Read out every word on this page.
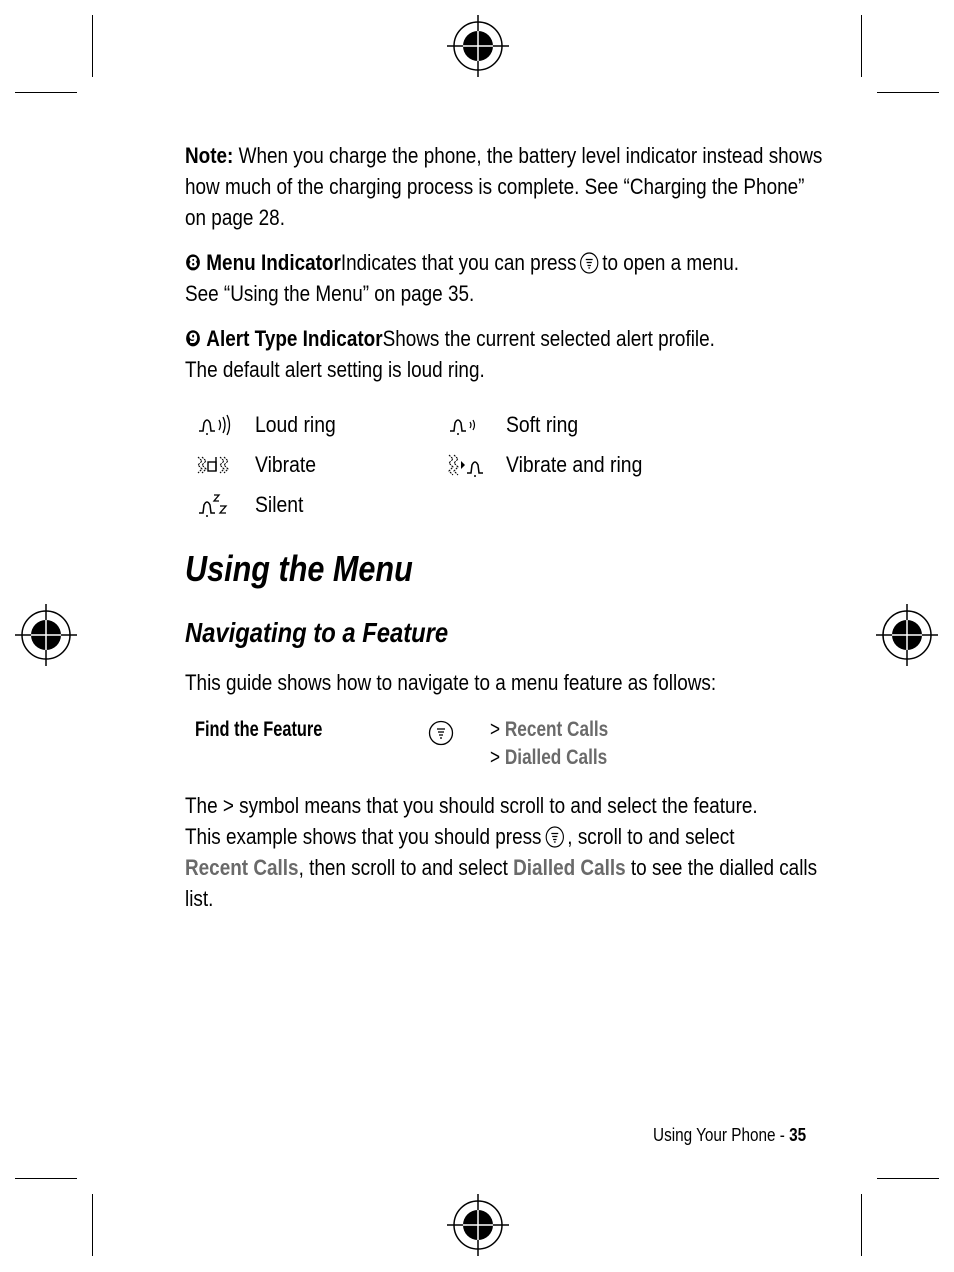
Note: When you charge the phone, the battery level indicator instead shows how much of the charging process is complete. See “Charging the Phone” on page 28.

❽ Menu IndicatorIndicates that you can press to open a menu.
See “Using the Menu” on page 35.

❾ Alert Type IndicatorShows the current selected alert profile.
The default alert setting is loud ring.

Loud ring	Soft ring
Vibrate	Vibrate and ring
Silent
Using the Menu
Navigating to a Feature
This guide shows how to navigate to a menu feature as follows:
Find the Feature	> Recent Calls
> Dialled Calls

The > symbol means that you should scroll to and select the feature.
This example shows that you should press , scroll to and select
Recent Calls, then scroll to and select Dialled Calls to see the dialled calls list.

Using Your Phone - 35
